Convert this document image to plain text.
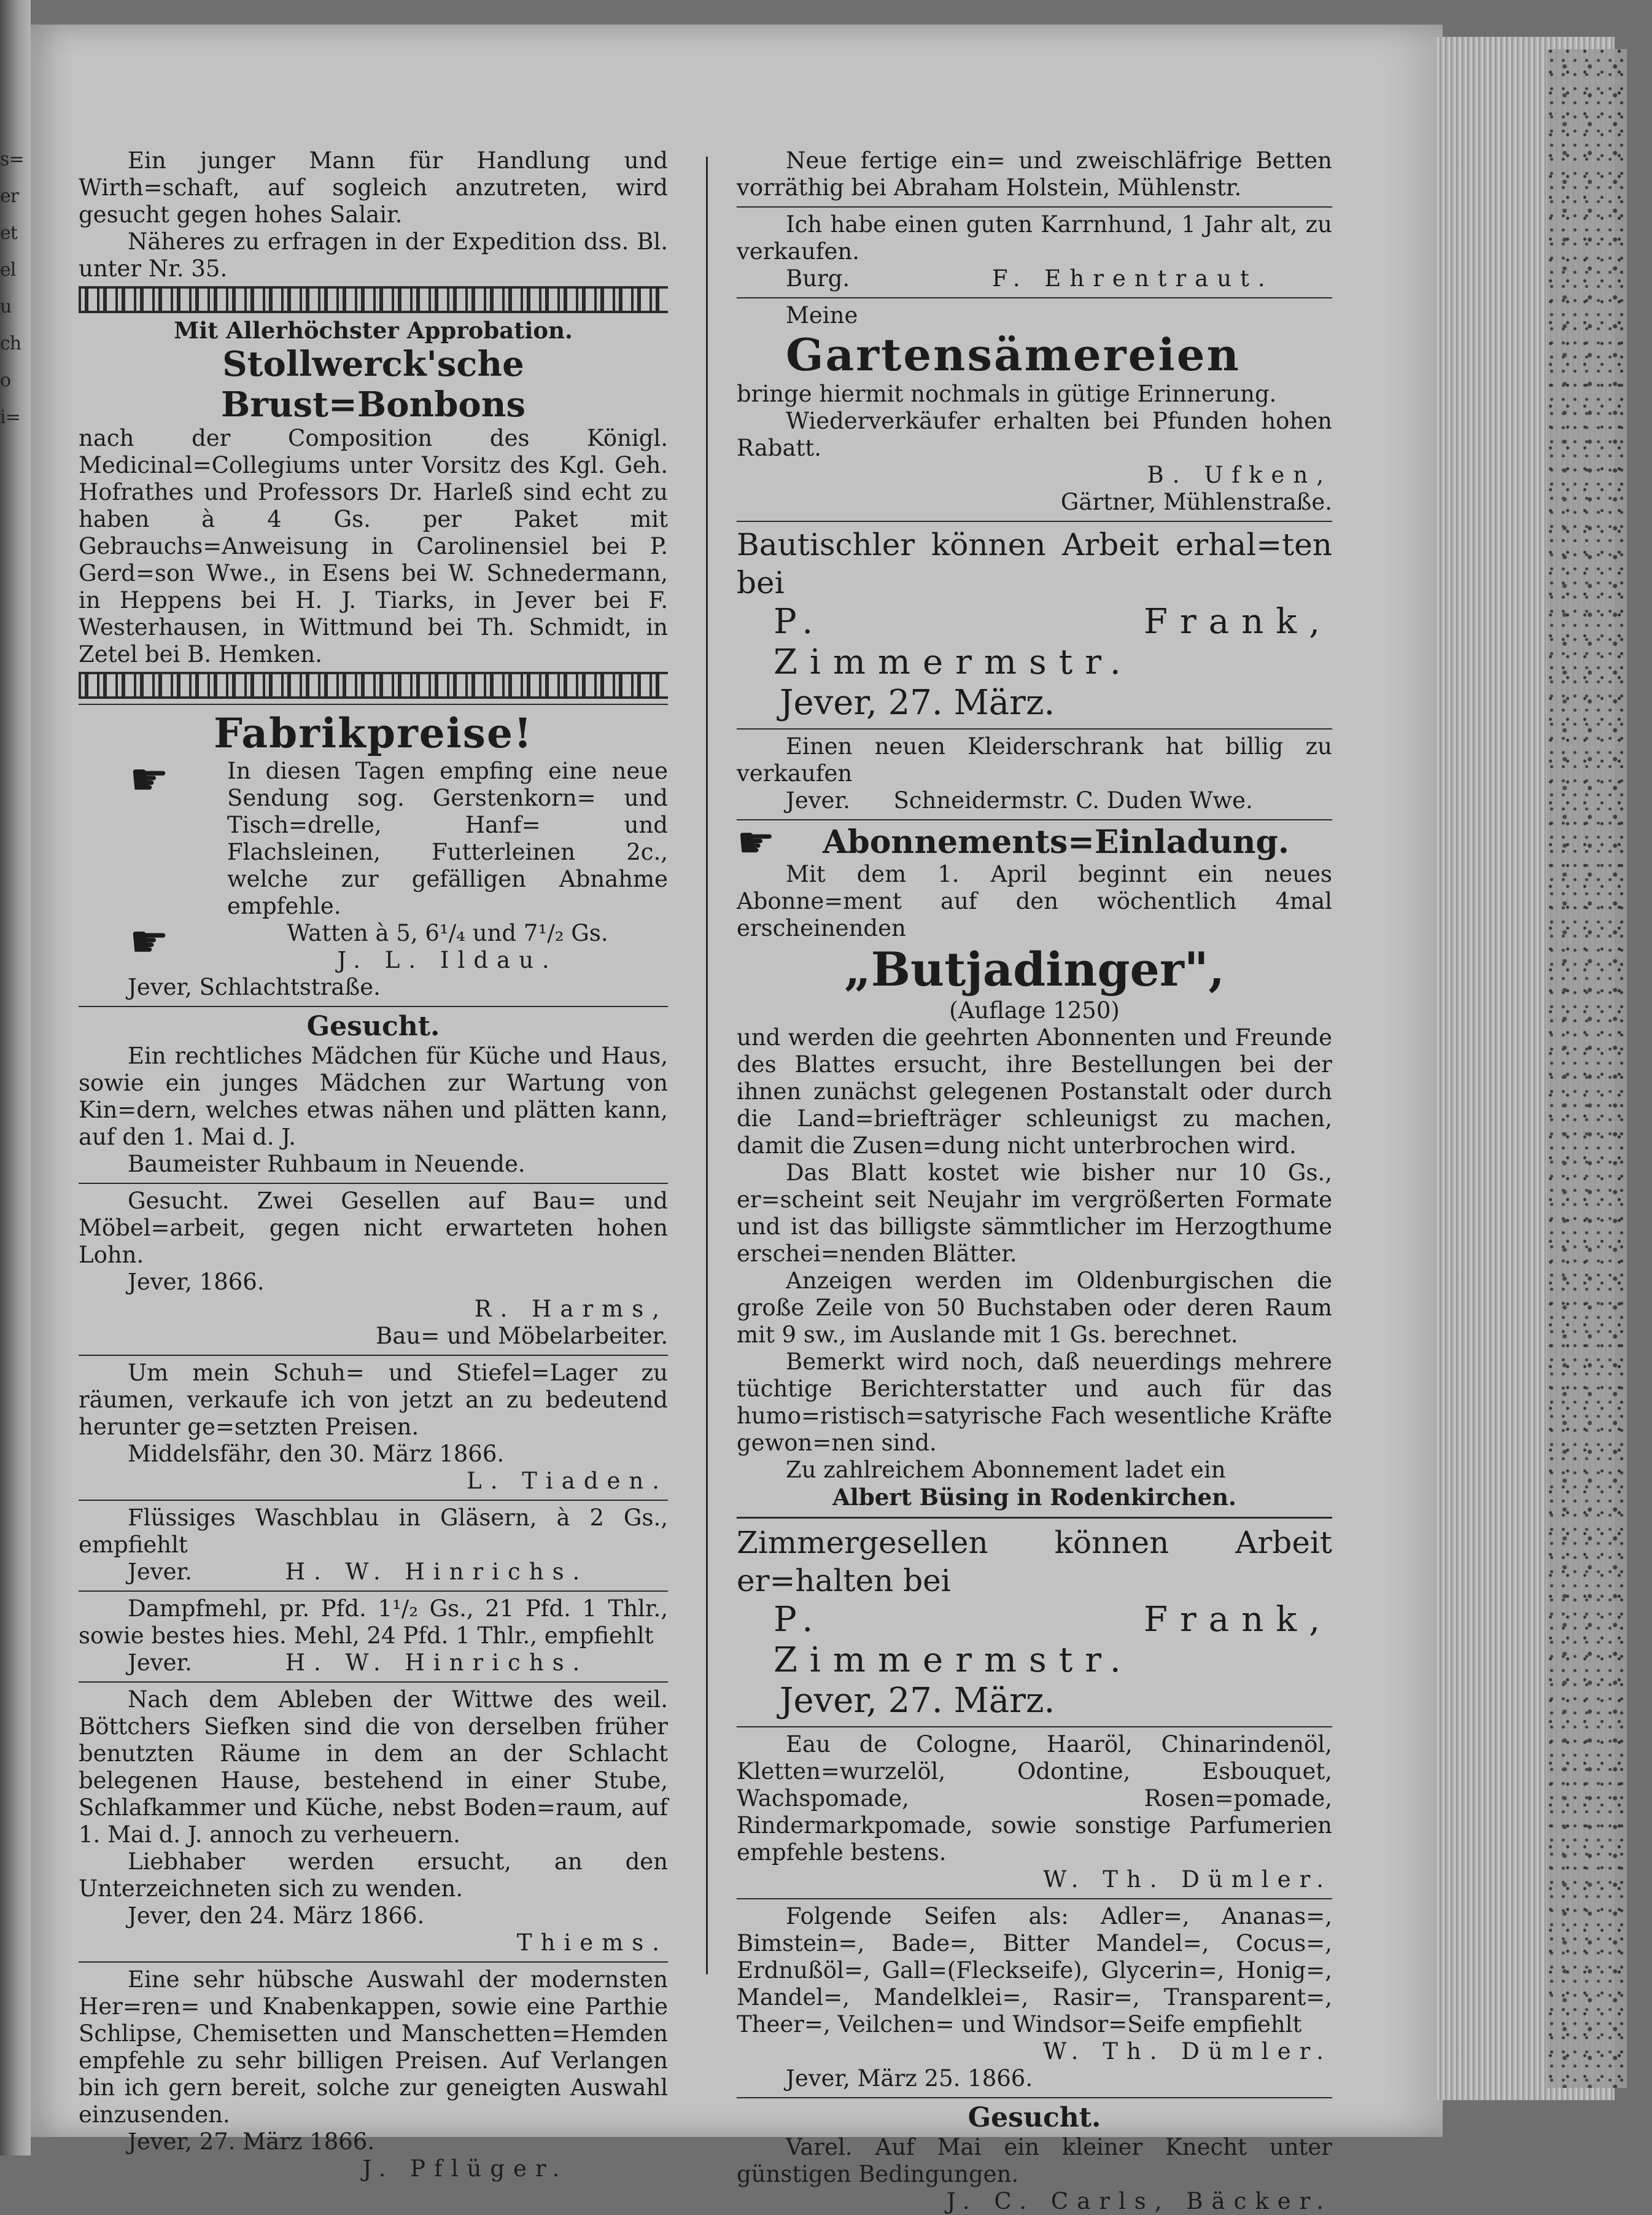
s=
er
et
el
u
ch
o
i=

Ein junger Mann für Handlung und Wirth=schaft, auf sogleich anzutreten, wird gesucht gegen hohes Salair.

Näheres zu erfragen in der Expedition dss. Bl. unter Nr. 35.

Mit Allerhöchster Approbation.

Stollwerck'sche Brust=Bonbons

nach der Composition des Königl. Medicinal=Collegiums unter Vorsitz des Kgl. Geh. Hofrathes und Professors Dr. Harleß sind echt zu haben à 4 Gs. per Paket mit Gebrauchs=Anweisung in Carolinensiel bei P. Gerd=son Wwe., in Esens bei W. Schnedermann, in Heppens bei H. J. Tiarks, in Jever bei F. Westerhausen, in Wittmund bei Th. Schmidt, in Zetel bei B. Hemken.

Fabrikpreise!

☛	In diesen Tagen empfing eine neue Sendung sog. Gerstenkorn= und Tisch=drelle, Hanf= und Flachsleinen, Futterleinen 2c., welche zur gefälligen Abnahme empfehle.

☛	Watten à 5, 6¹/₄ und 7¹/₂ Gs.

J. L. Ildau.

Jever, Schlachtstraße.

Gesucht.

Ein rechtliches Mädchen für Küche und Haus, sowie ein junges Mädchen zur Wartung von Kin=dern, welches etwas nähen und plätten kann, auf den 1. Mai d. J.

Baumeister Ruhbaum in Neuende.

Gesucht. Zwei Gesellen auf Bau= und Möbel=arbeit, gegen nicht erwarteten hohen Lohn.

Jever, 1866.

R. Harms,

Bau= und Möbelarbeiter.

Um mein Schuh= und Stiefel=Lager zu räumen, verkaufe ich von jetzt an zu bedeutend herunter ge=setzten Preisen.

Middelsfähr, den 30. März 1866.

L. Tiaden.

Flüssiges Waschblau in Gläsern, à 2 Gs., empfiehlt

Jever.	H. W. Hinrichs.

Dampfmehl, pr. Pfd. 1¹/₂ Gs., 21 Pfd. 1 Thlr., sowie bestes hies. Mehl, 24 Pfd. 1 Thlr., empfiehlt

Jever.	H. W. Hinrichs.

Nach dem Ableben der Wittwe des weil. Böttchers Siefken sind die von derselben früher benutzten Räume in dem an der Schlacht belegenen Hause, bestehend in einer Stube, Schlafkammer und Küche, nebst Boden=raum, auf 1. Mai d. J. annoch zu verheuern.

Liebhaber werden ersucht, an den Unterzeichneten sich zu wenden.

Jever, den 24. März 1866.

Thiems.

Eine sehr hübsche Auswahl der modernsten Her=ren= und Knabenkappen, sowie eine Parthie Schlipse, Chemisetten und Manschetten=Hemden empfehle zu sehr billigen Preisen. Auf Verlangen bin ich gern bereit, solche zur geneigten Auswahl einzusenden.

Jever, 27. März 1866.

J. Pflüger.

Neue fertige ein= und zweischläfrige Betten vorräthig bei Abraham Holstein, Mühlenstr.

Ich habe einen guten Karrnhund, 1 Jahr alt, zu verkaufen.

Burg.	F. Ehrentraut.

Meine

Gartensämereien

bringe hiermit nochmals in gütige Erinnerung.

Wiederverkäufer erhalten bei Pfunden hohen Rabatt.

B. Ufken,

Gärtner, Mühlenstraße.

Bautischler können Arbeit erhal=ten bei

P. Frank, Zimmermstr.

Jever, 27. März.

Einen neuen Kleiderschrank hat billig zu verkaufen

Jever.      Schneidermstr. C. Duden Wwe.

☛	Abonnements=Einladung.

Mit dem 1. April beginnt ein neues Abonne=ment auf den wöchentlich 4mal erscheinenden

„Butjadinger",

(Auflage 1250)

und werden die geehrten Abonnenten und Freunde des Blattes ersucht, ihre Bestellungen bei der ihnen zunächst gelegenen Postanstalt oder durch die Land=briefträger schleunigst zu machen, damit die Zusen=dung nicht unterbrochen wird.

Das Blatt kostet wie bisher nur 10 Gs., er=scheint seit Neujahr im vergrößerten Formate und ist das billigste sämmtlicher im Herzogthume erschei=nenden Blätter.

Anzeigen werden im Oldenburgischen die große Zeile von 50 Buchstaben oder deren Raum mit 9 sw., im Auslande mit 1 Gs. berechnet.

Bemerkt wird noch, daß neuerdings mehrere tüchtige Berichterstatter und auch für das humo=ristisch=satyrische Fach wesentliche Kräfte gewon=nen sind.

Zu zahlreichem Abonnement ladet ein

Albert Büsing in Rodenkirchen.

Zimmergesellen können Arbeit er=halten bei

P. Frank, Zimmermstr.

Jever, 27. März.

Eau de Cologne, Haaröl, Chinarindenöl, Kletten=wurzelöl, Odontine, Esbouquet, Wachspomade, Rosen=pomade, Rindermarkpomade, sowie sonstige Parfumerien empfehle bestens.

W. Th. Dümler.

Folgende Seifen als: Adler=, Ananas=, Bimstein=, Bade=, Bitter Mandel=, Cocus=, Erdnußöl=, Gall=(Fleckseife), Glycerin=, Honig=, Mandel=, Mandelklei=, Rasir=, Transparent=, Theer=, Veilchen= und Windsor=Seife empfiehlt

W. Th. Dümler.

Jever, März 25. 1866.

Gesucht.

Varel. Auf Mai ein kleiner Knecht unter günstigen Bedingungen.

J. C. Carls, Bäcker.
